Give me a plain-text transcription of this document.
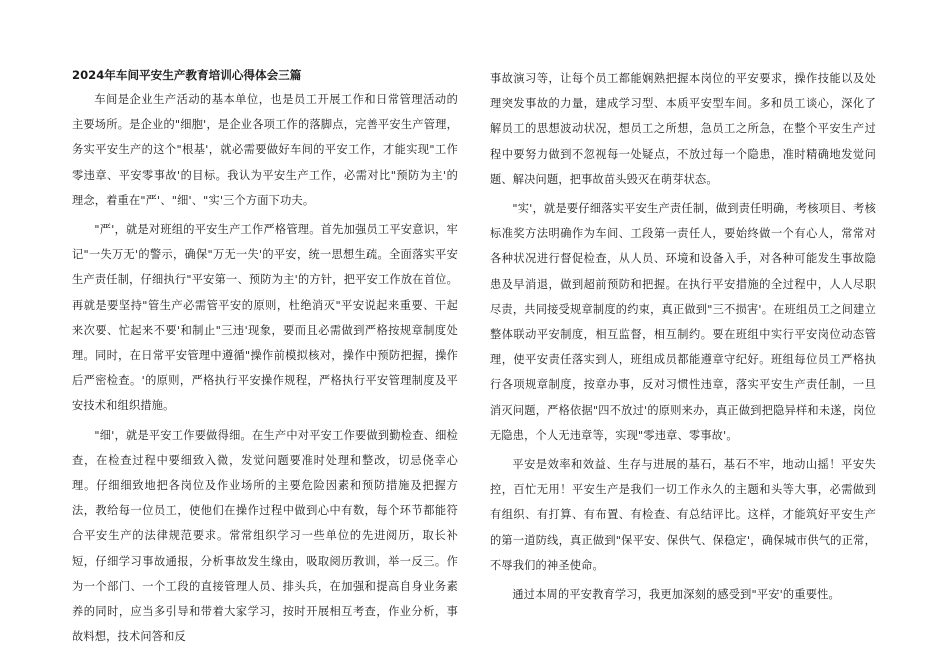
2024年车间平安生产教育培训心得体会三篇

车间是企业生产活动的基本单位，也是员工开展工作和日常管理活动的主要场所。是企业的"细胞'，是企业各项工作的落脚点，完善平安生产管理，务实平安生产的这个"根基'，就必需要做好车间的平安工作，才能实现"工作零违章、平安零事故'的目标。我认为平安生产工作，必需对比"预防为主'的理念，着重在"严'、"细'、"实'三个方面下功夫。

"严'，就是对班组的平安生产工作严格管理。首先加强员工平安意识，牢记"一失万无'的警示，确保"万无一失'的平安，统一思想生疏。全面落实平安生产责任制，仔细执行"平安第一、预防为主'的方针，把平安工作放在首位。再就是要坚持"管生产必需管平安的原则，杜绝消灭"平安说起来重要、干起来次要、忙起来不要'和制止"三违'现象，要而且必需做到严格按规章制度处理。同时，在日常平安管理中遵循"操作前模拟核对，操作中预防把握，操作后严密检查。'的原则，严格执行平安操作规程，严格执行平安管理制度及平安技术和组织措施。

"细'，就是平安工作要做得细。在生产中对平安工作要做到勤检查、细检查，在检查过程中要细致入微，发觉问题要准时处理和整改，切忌侥幸心理。仔细细致地把各岗位及作业场所的主要危险因素和预防措施及把握方法，教给每一位员工，使他们在操作过程中做到心中有数，每个环节都能符合平安生产的法律规范要求。常常组织学习一些单位的先进阅历，取长补短，仔细学习事故通报，分析事故发生缘由，吸取阅历教训，举一反三。作为一个部门、一个工段的直接管理人员、排头兵，在加强和提高自身业务素养的同时，应当多引导和带着大家学习，按时开展相互考查，作业分析，事故料想，技术问答和反

事故演习等，让每个员工都能娴熟把握本岗位的平安要求，操作技能以及处理突发事故的力量，建成学习型、本质平安型车间。多和员工谈心，深化了解员工的思想波动状况，想员工之所想，急员工之所急，在整个平安生产过程中要努力做到不忽视每一处疑点，不放过每一个隐患，准时精确地发觉问题、解决问题，把事故苗头毁灭在萌芽状态。

"实'，就是要仔细落实平安生产责任制，做到责任明确，考核项目、考核标准奖方法明确作为车间、工段第一责任人，要始终做一个有心人，常常对各种状况进行督促检查，从人员、环境和设备入手，对各种可能发生事故隐患及早消退，做到超前预防和把握。在执行平安措施的全过程中，人人尽职尽责，共同接受规章制度的约束，真正做到"三不损害'。在班组员工之间建立整体联动平安制度，相互监督，相互制约。要在班组中实行平安岗位动态管理，使平安责任落实到人，班组成员都能遵章守纪好。班组每位员工严格执行各项规章制度，按章办事，反对习惯性违章，落实平安生产责任制，一旦消灭问题，严格依据"四不放过'的原则来办，真正做到把隐异样和未遂，岗位无隐患，个人无违章等，实现"零违章、零事故'。

平安是效率和效益、生存与进展的基石，基石不牢，地动山摇！平安失控，百忙无用！平安生产是我们一切工作永久的主题和头等大事，必需做到有组织、有打算、有布置、有检查、有总结评比。这样，才能筑好平安生产的第一道防线，真正做到"保平安、保供气、保稳定'，确保城市供气的正常，不辱我们的神圣使命。

通过本周的平安教育学习，我更加深刻的感受到"平安'的重要性。
